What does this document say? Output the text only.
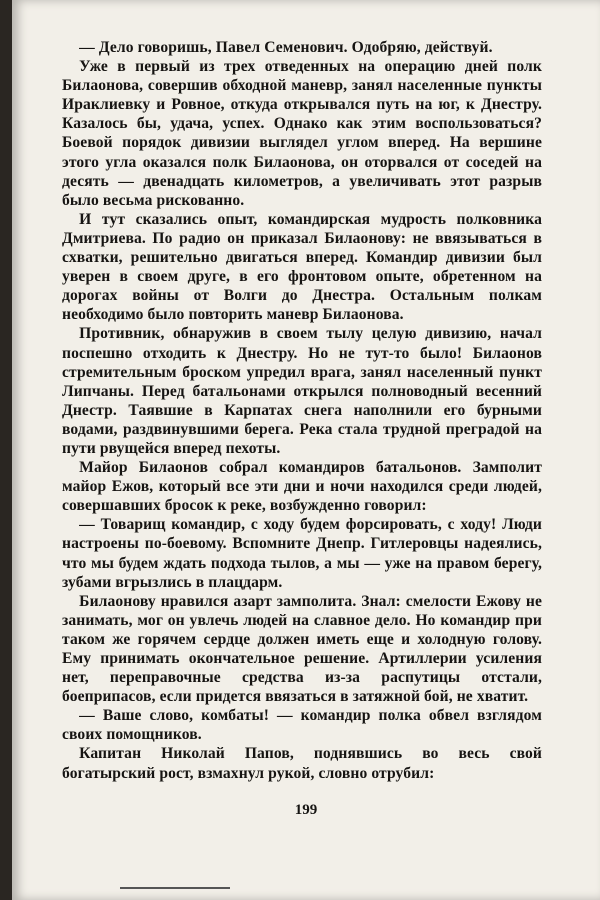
— Дело говоришь, Павел Семенович. Одобряю, действуй.

Уже в первый из трех отведенных на операцию дней полк Билаонова, совершив обходной маневр, занял населенные пункты Ираклиевку и Ровное, откуда открывался путь на юг, к Днестру. Казалось бы, удача, успех. Однако как этим воспользоваться? Боевой порядок дивизии выглядел углом вперед. На вершине этого угла оказался полк Билаонова, он оторвался от соседей на десять — двенадцать километров, а увеличивать этот разрыв было весьма рискованно.

И тут сказались опыт, командирская мудрость полковника Дмитриева. По радио он приказал Билаонову: не ввязываться в схватки, решительно двигаться вперед. Командир дивизии был уверен в своем друге, в его фронтовом опыте, обретенном на дорогах войны от Волги до Днестра. Остальным полкам необходимо было повторить маневр Билаонова.

Противник, обнаружив в своем тылу целую дивизию, начал поспешно отходить к Днестру. Но не тут-то было! Билаонов стремительным броском упредил врага, занял населенный пункт Липчаны. Перед батальонами открылся полноводный весенний Днестр. Таявшие в Карпатах снега наполнили его бурными водами, раздвинувшими берега. Река стала трудной преградой на пути рвущейся вперед пехоты.

Майор Билаонов собрал командиров батальонов. Замполит майор Ежов, который все эти дни и ночи находился среди людей, совершавших бросок к реке, возбужденно говорил:

— Товарищ командир, с ходу будем форсировать, с ходу! Люди настроены по-боевому. Вспомните Днепр. Гитлеровцы надеялись, что мы будем ждать подхода тылов, а мы — уже на правом берегу, зубами вгрызлись в плацдарм.

Билаонову нравился азарт замполита. Знал: смелости Ежову не занимать, мог он увлечь людей на славное дело. Но командир при таком же горячем сердце должен иметь еще и холодную голову. Ему принимать окончательное решение. Артиллерии усиления нет, переправочные средства из-за распутицы отстали, боеприпасов, если придется ввязаться в затяжной бой, не хватит.

— Ваше слово, комбаты! — командир полка обвел взглядом своих помощников.

Капитан Николай Папов, поднявшись во весь свой богатырский рост, взмахнул рукой, словно отрубил:

199
